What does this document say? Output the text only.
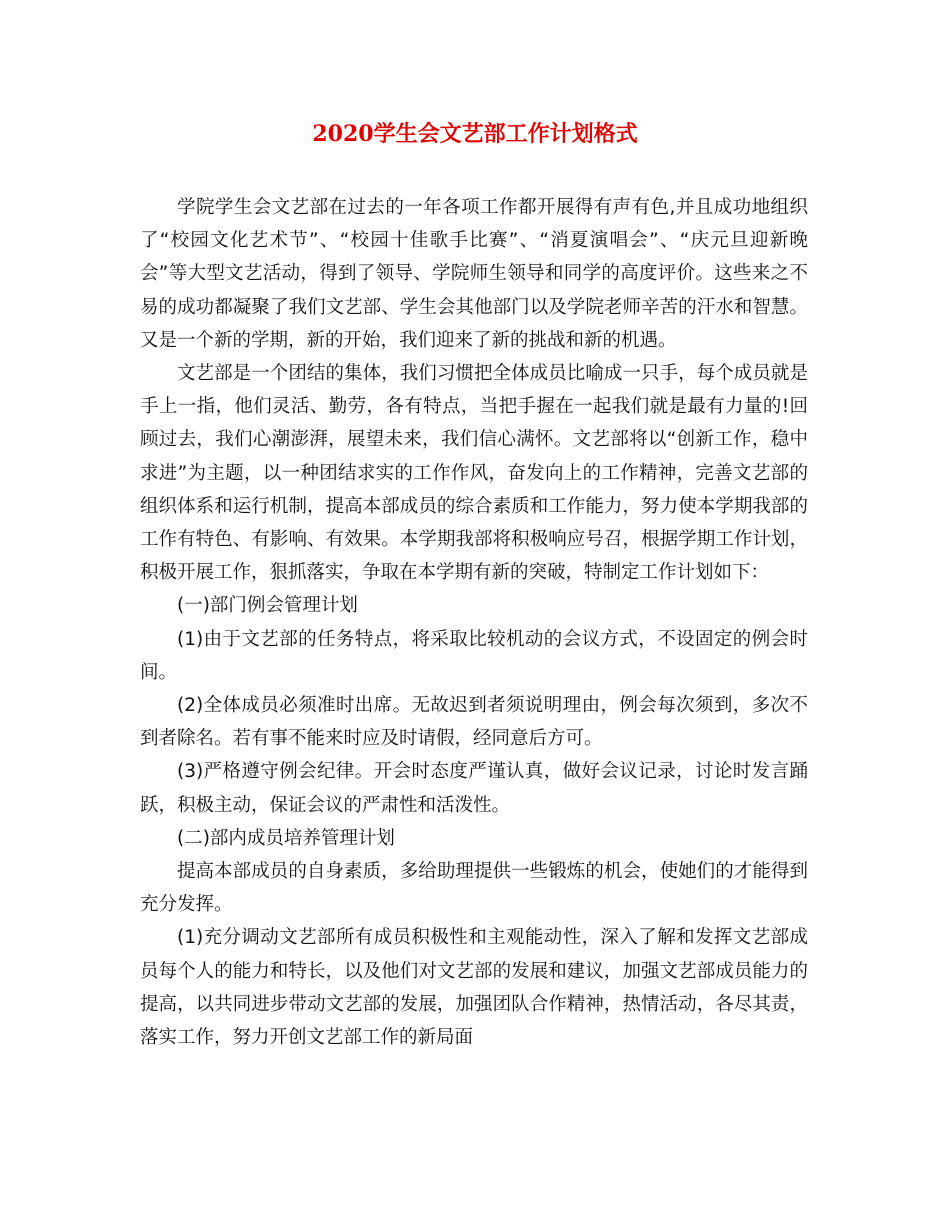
2020学生会文艺部工作计划格式

学院学生会文艺部在过去的一年各项工作都开展得有声有色,并且成功地组织了“校园文化艺术节”、“校园十佳歌手比赛”、“消夏演唱会”、“庆元旦迎新晚会”等大型文艺活动，得到了领导、学院师生领导和同学的高度评价。这些来之不易的成功都凝聚了我们文艺部、学生会其他部门以及学院老师辛苦的汗水和智慧。又是一个新的学期，新的开始，我们迎来了新的挑战和新的机遇。

文艺部是一个团结的集体，我们习惯把全体成员比喻成一只手，每个成员就是手上一指，他们灵活、勤劳，各有特点，当把手握在一起我们就是最有力量的!回顾过去，我们心潮澎湃，展望未来，我们信心满怀。文艺部将以“创新工作，稳中求进”为主题，以一种团结求实的工作作风，奋发向上的工作精神，完善文艺部的组织体系和运行机制，提高本部成员的综合素质和工作能力，努力使本学期我部的工作有特色、有影响、有效果。本学期我部将积极响应号召，根据学期工作计划，积极开展工作，狠抓落实，争取在本学期有新的突破，特制定工作计划如下：

(一)部门例会管理计划

(1)由于文艺部的任务特点，将采取比较机动的会议方式，不设固定的例会时间。

(2)全体成员必须准时出席。无故迟到者须说明理由，例会每次须到，多次不到者除名。若有事不能来时应及时请假，经同意后方可。

(3)严格遵守例会纪律。开会时态度严谨认真，做好会议记录，讨论时发言踊跃，积极主动，保证会议的严肃性和活泼性。

(二)部内成员培养管理计划

提高本部成员的自身素质，多给助理提供一些锻炼的机会，使她们的才能得到充分发挥。

(1)充分调动文艺部所有成员积极性和主观能动性，深入了解和发挥文艺部成员每个人的能力和特长，以及他们对文艺部的发展和建议，加强文艺部成员能力的提高，以共同进步带动文艺部的发展，加强团队合作精神，热情活动，各尽其责，落实工作，努力开创文艺部工作的新局面
